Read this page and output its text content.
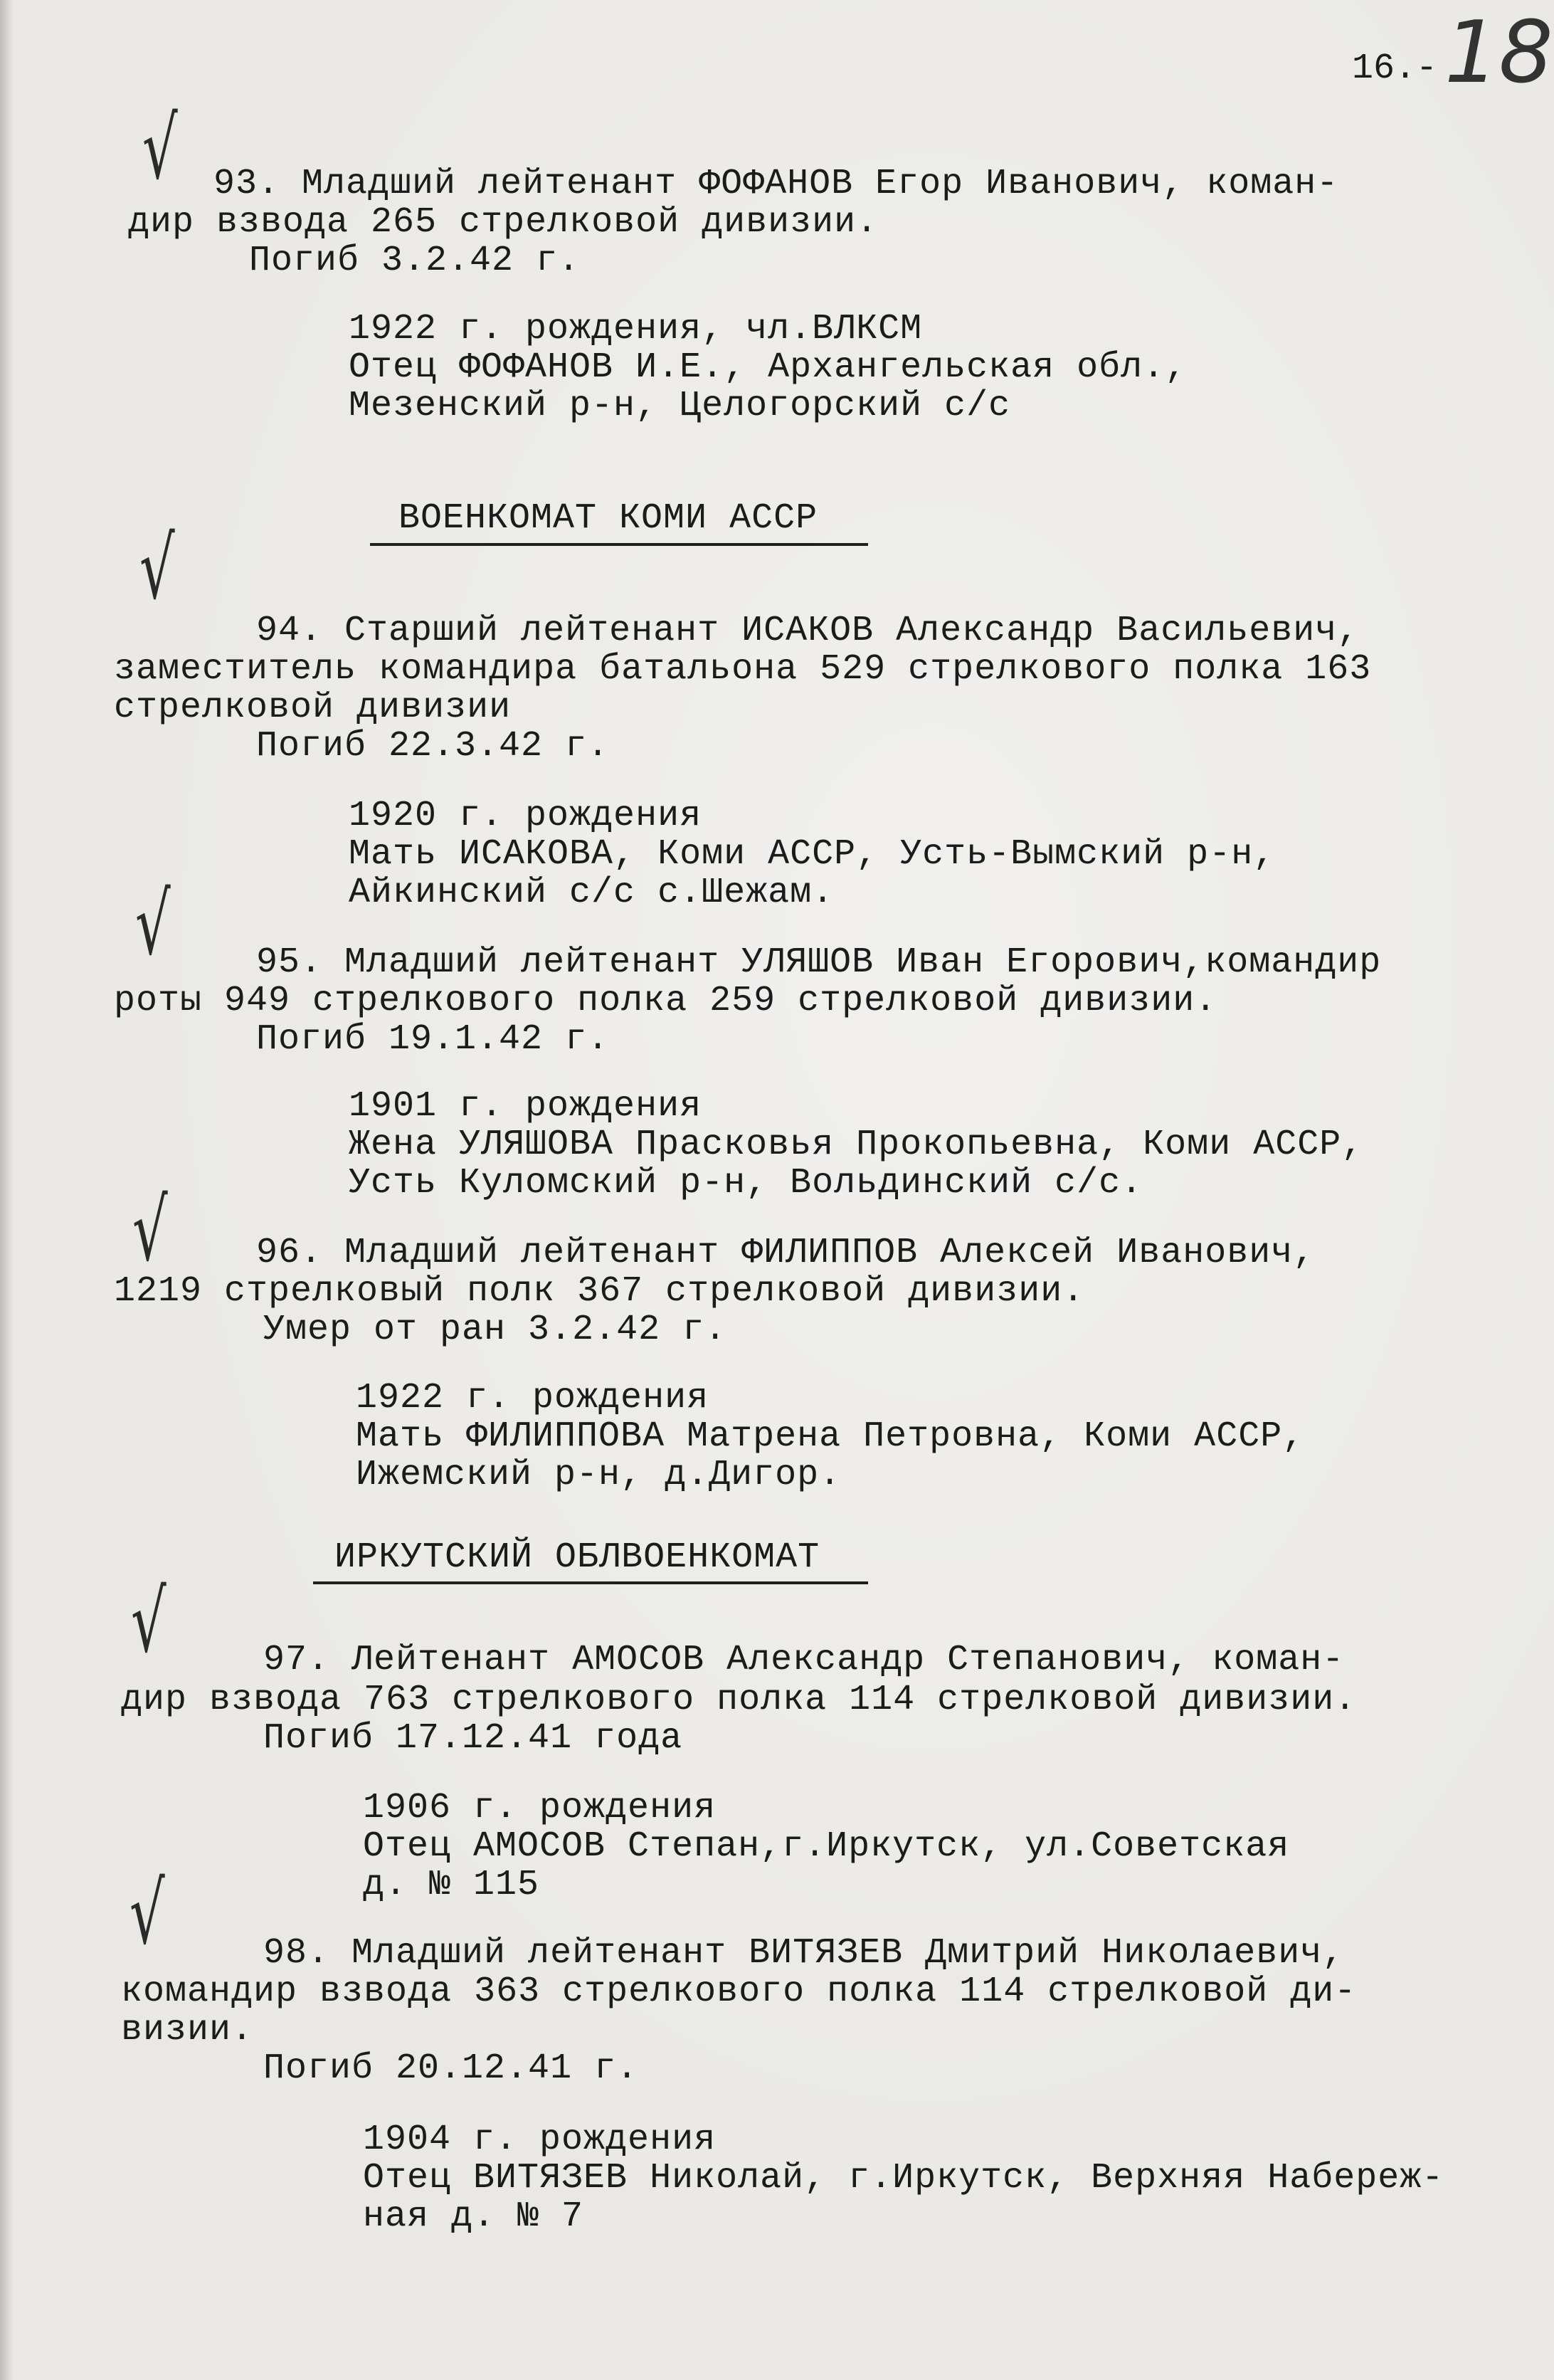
16.- 18
√
√
√
√
√
√
93. Младший лейтенант ФОФАНОВ Егор Иванович, коман-
дир взвода 265 стрелковой дивизии.
Погиб 3.2.42 г.
1922 г. рождения, чл.ВЛКСМ
Отец ФОФАНОВ И.Е., Архангельская обл.,
Мезенский р-н, Целогорский с/с
ВОЕНКОМАТ КОМИ АССР
94. Старший лейтенант ИСАКОВ Александр Васильевич,
заместитель командира батальона 529 стрелкового полка 163
стрелковой дивизии
Погиб 22.3.42 г.
1920 г. рождения
Мать ИСАКОВА, Коми АССР, Усть-Вымский р-н,
Айкинский с/с с.Шежам.
95. Младший лейтенант УЛЯШОВ Иван Егорович,командир
роты 949 стрелкового полка 259 стрелковой дивизии.
Погиб 19.1.42 г.
1901 г. рождения
Жена УЛЯШОВА Прасковья Прокопьевна, Коми АССР,
Усть Куломский р-н, Вольдинский с/с.
96. Младший лейтенант ФИЛИППОВ Алексей Иванович,
1219 стрелковый полк 367 стрелковой дивизии.
Умер от ран 3.2.42 г.
1922 г. рождения
Мать ФИЛИППОВА Матрена Петровна, Коми АССР,
Ижемский р-н, д.Дигор.
ИРКУТСКИЙ ОБЛВОЕНКОМАТ
97. Лейтенант АМОСОВ Александр Степанович, коман-
дир взвода 763 стрелкового полка 114 стрелковой дивизии.
Погиб 17.12.41 года
1906 г. рождения
Отец АМОСОВ Степан,г.Иркутск, ул.Советская
д. № 115
98. Младший лейтенант ВИТЯЗЕВ Дмитрий Николаевич,
командир взвода 363 стрелкового полка 114 стрелковой ди-
визии.
Погиб 20.12.41 г.
1904 г. рождения
Отец ВИТЯЗЕВ Николай, г.Иркутск, Верхняя Набереж-
ная д. № 7
